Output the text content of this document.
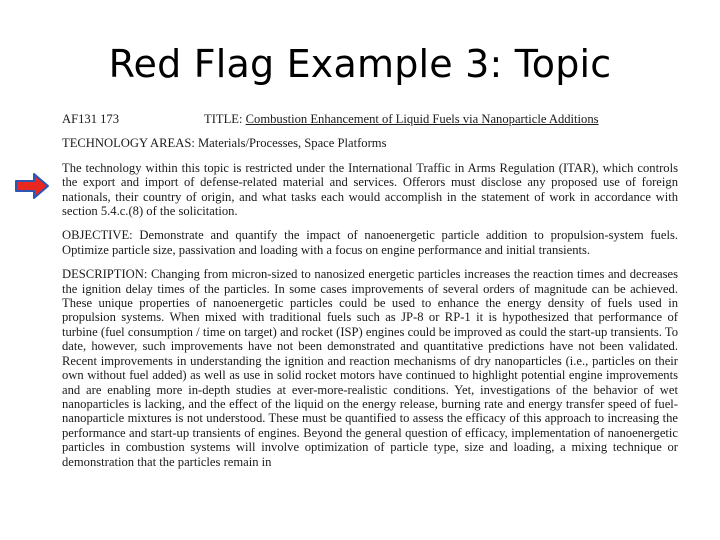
Red Flag Example 3: Topic
AF131 173	TITLE: Combustion Enhancement of Liquid Fuels via Nanoparticle Additions

TECHNOLOGY AREAS: Materials/Processes, Space Platforms

The technology within this topic is restricted under the International Traffic in Arms Regulation (ITAR), which controls the export and import of defense-related material and services. Offerors must disclose any proposed use of foreign nationals, their country of origin, and what tasks each would accomplish in the statement of work in accordance with section 5.4.c.(8) of the solicitation.

OBJECTIVE: Demonstrate and quantify the impact of nanoenergetic particle addition to propulsion-system fuels. Optimize particle size, passivation and loading with a focus on engine performance and initial transients.

DESCRIPTION: Changing from micron-sized to nanosized energetic particles increases the reaction times and decreases the ignition delay times of the particles. In some cases improvements of several orders of magnitude can be achieved. These unique properties of nanoenergetic particles could be used to enhance the energy density of fuels used in propulsion systems. When mixed with traditional fuels such as JP-8 or RP-1 it is hypothesized that performance of turbine (fuel consumption / time on target) and rocket (ISP) engines could be improved as could the start-up transients. To date, however, such improvements have not been demonstrated and quantitative predictions have not been validated. Recent improvements in understanding the ignition and reaction mechanisms of dry nanoparticles (i.e., particles on their own without fuel added) as well as use in solid rocket motors have continued to highlight potential engine improvements and are enabling more in-depth studies at ever-more-realistic conditions. Yet, investigations of the behavior of wet nanoparticles is lacking, and the effect of the liquid on the energy release, burning rate and energy transfer speed of fuel-nanoparticle mixtures is not understood. These must be quantified to assess the efficacy of this approach to increasing the performance and start-up transients of engines. Beyond the general question of efficacy, implementation of nanoenergetic particles in combustion systems will involve optimization of particle type, size and loading, a mixing technique or demonstration that the particles remain in
